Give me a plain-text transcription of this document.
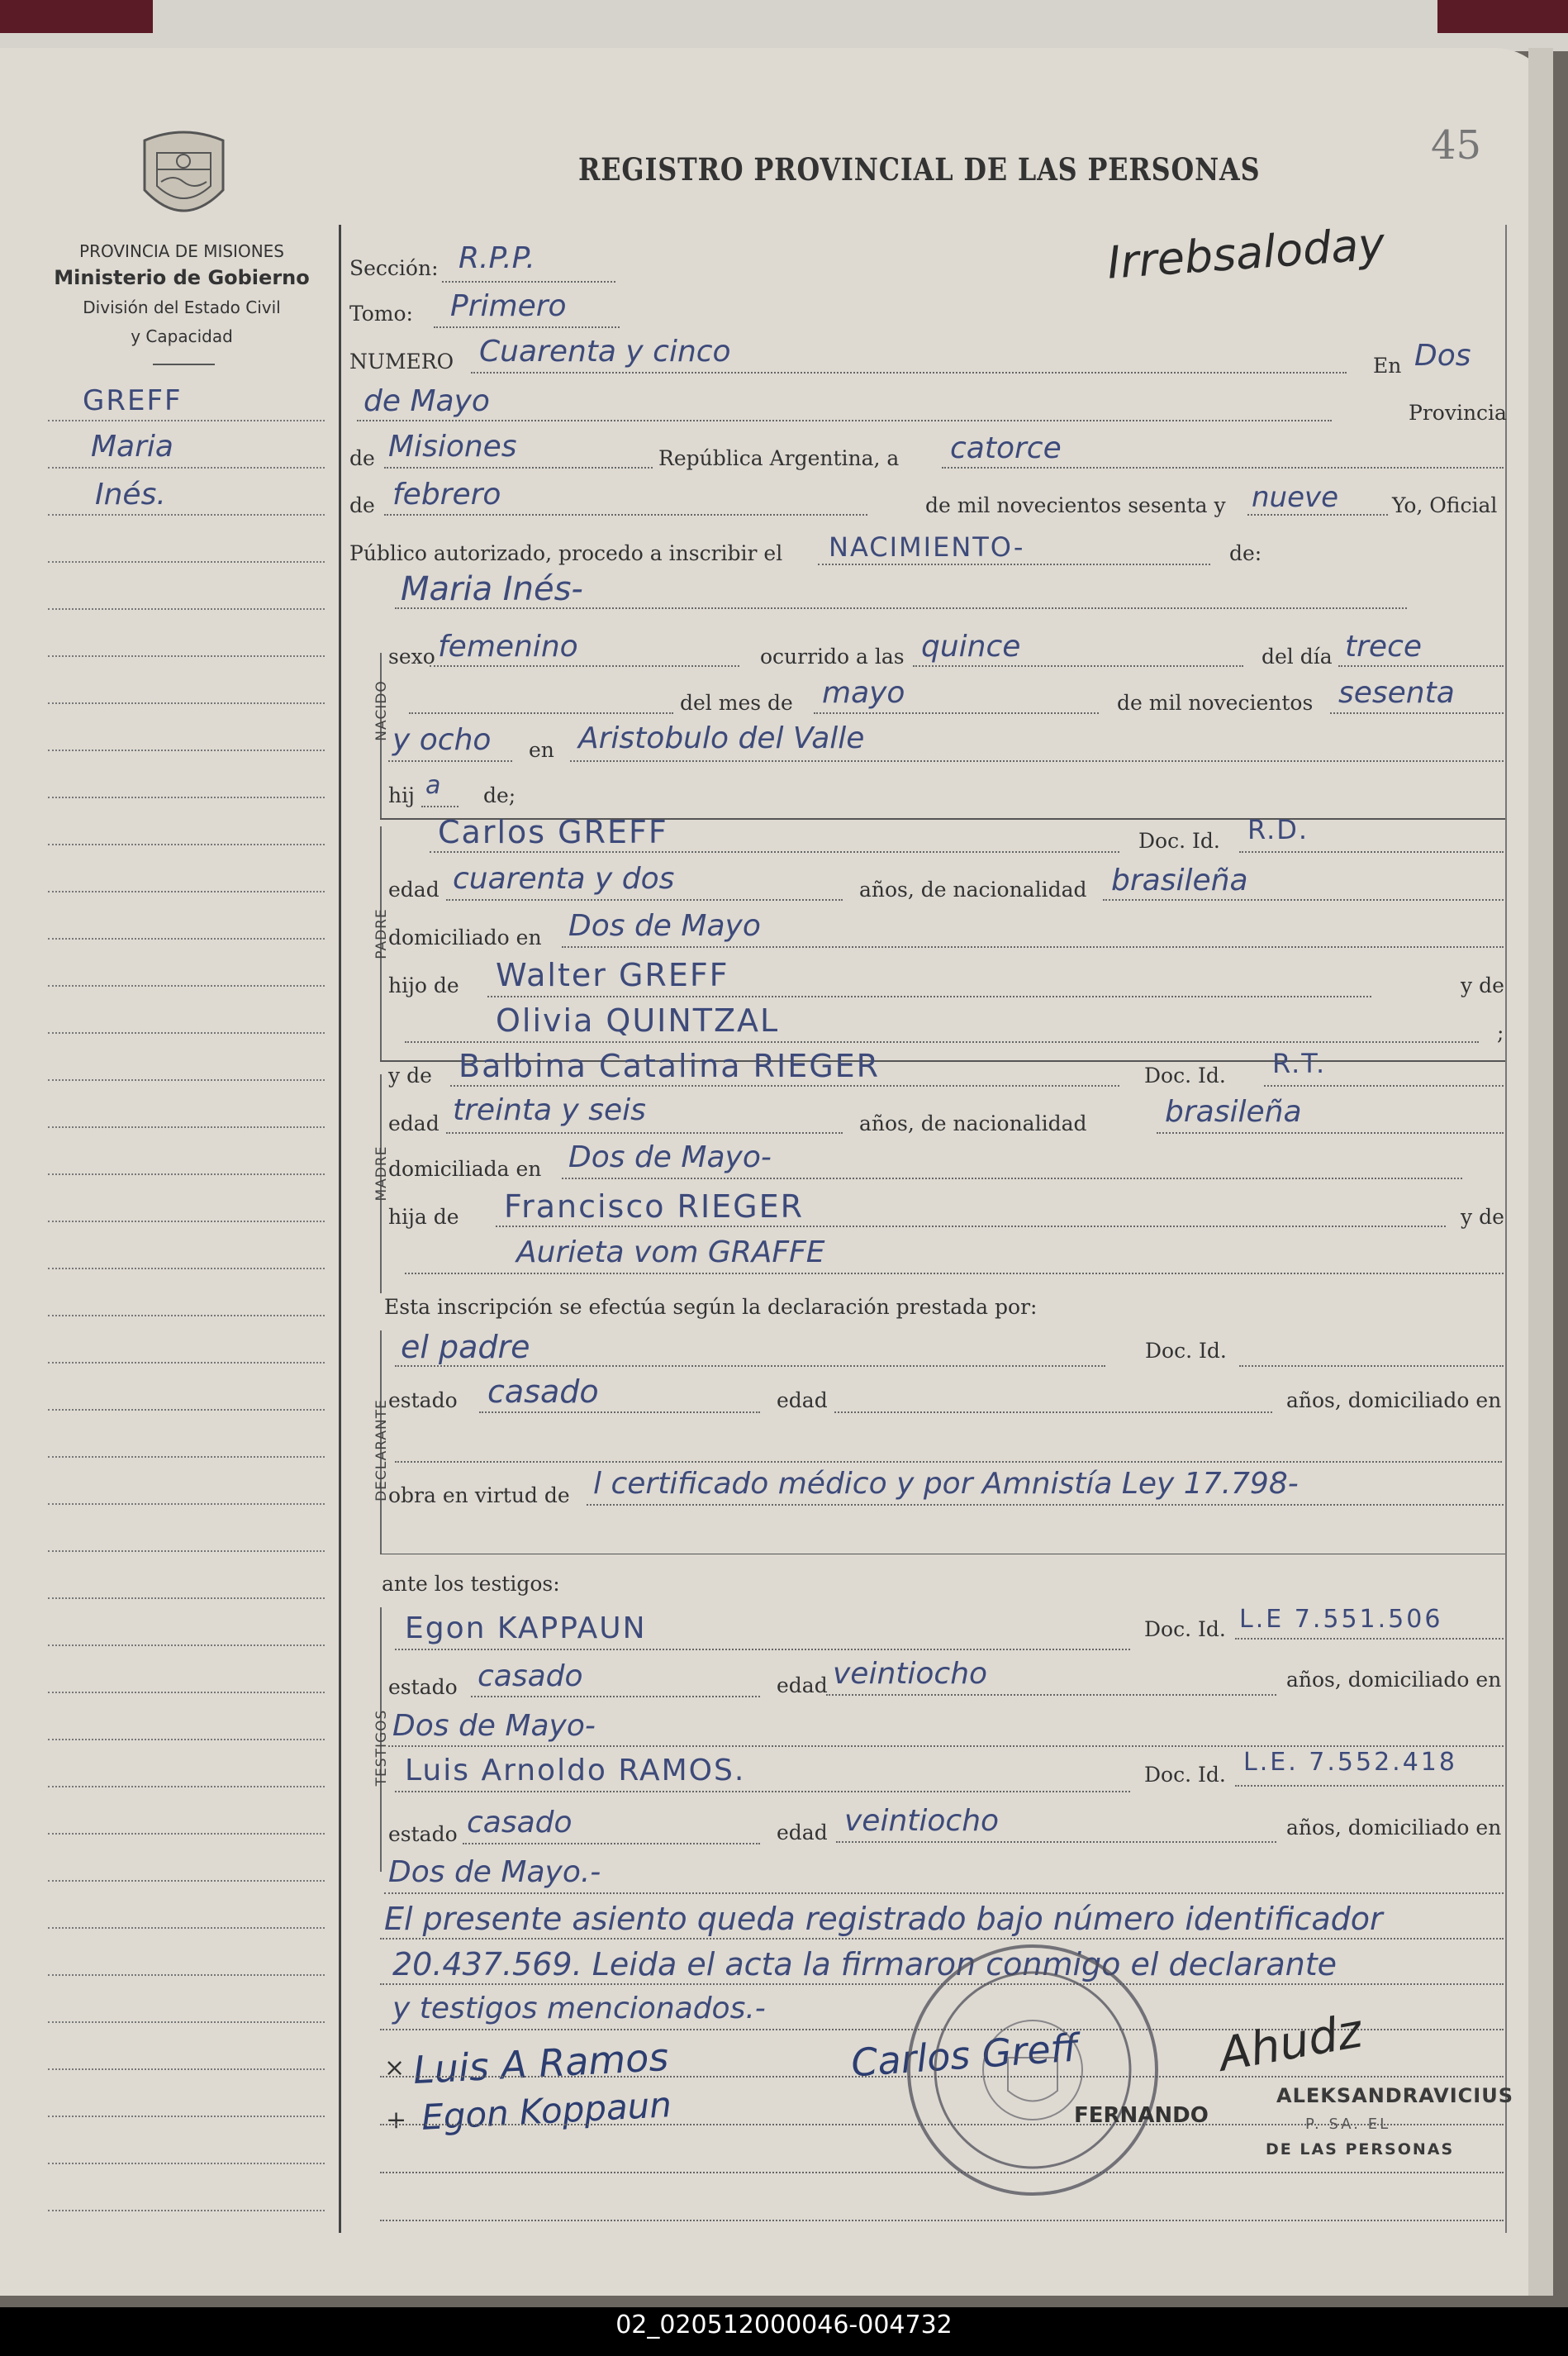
PROVINCIA DE MISIONES
Ministerio de Gobierno
División del Estado Civil
y Capacidad
REGISTRO PROVINCIAL DE LAS PERSONAS
45
Irrebsaloday
GREFF
Maria
Inés.
Sección: R.P.P.
Tomo: Primero
NUMERO Cuarenta y cinco	En Dos
de Mayo	Provincia
de Misiones	República Argentina, a catorce
de febrero	de mil novecientos sesenta y nueve	Yo, Oficial
Público autorizado, procedo a inscribir el NACIMIENTO-	de:
NACIDO
Maria Inés-
sexo femenino	ocurrido a las quince	del día trece
del mes de mayo	de mil novecientos sesenta
y ocho en Aristobulo del Valle
hij a de;
PADRE
Carlos GREFF	Doc. Id. R.D.
edad cuarenta y dos	años, de nacionalidad brasileña
domiciliado en Dos de Mayo
hijo de Walter GREFF	y de
Olivia QUINTZAL	;
MADRE
y de Balbina Catalina RIEGER	Doc. Id. R.T.
edad treinta y seis	años, de nacionalidad	brasileña
domiciliada en Dos de Mayo-
hija de Francisco RIEGER	y de
Aurieta vom GRAFFE
Esta inscripción se efectúa según la declaración prestada por:
DECLARANTE
el padre	Doc. Id.
estado casado	edad	años, domiciliado en
obra en virtud de l certificado médico y por Amnistía Ley 17.798-
ante los testigos:
TESTIGOS
Egon KAPPAUN	Doc. Id. L.E 7.551.506
estado casado	edad veintiocho	años, domiciliado en
Dos de Mayo-
Luis Arnoldo RAMOS.	Doc. Id. L.E. 7.552.418
estado casado	edad veintiocho	años, domiciliado en
Dos de Mayo.-
El presente asiento queda registrado bajo número identificador
20.437.569. Leida el acta la firmaron conmigo el declarante
y testigos mencionados.-
Luis A Ramos	Carlos Greff
Egon Koppaun
×
+	FERNANDO
Ahudz
ALEKSANDRAVICIUS
P. SA. EL
DE LAS PERSONAS
02_020512000046-004732
